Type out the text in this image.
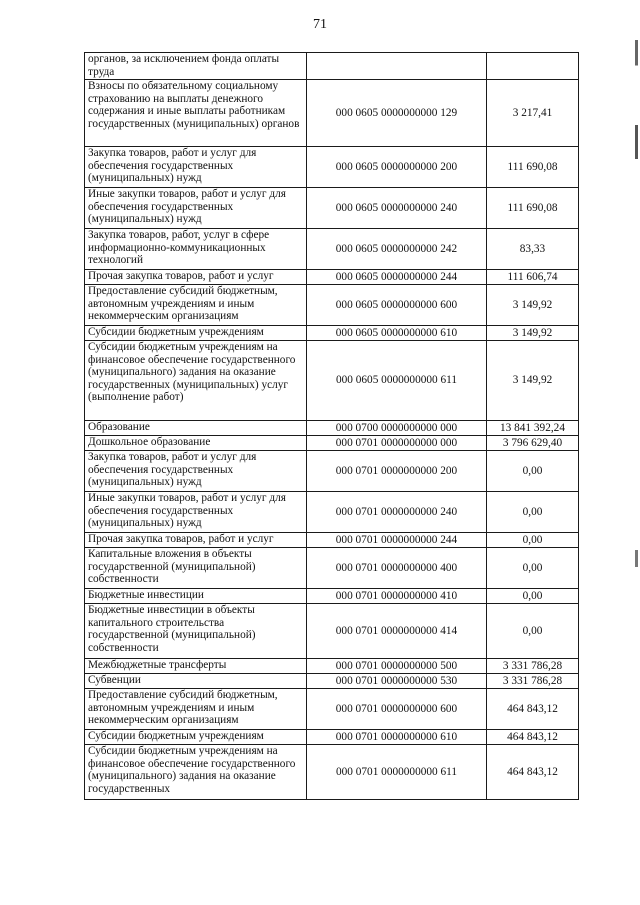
71
органов, за исключением фонда оплаты труда		
Взносы по обязательному социальному страхованию на выплаты денежного содержания и иные выплаты работникам государственных (муниципальных) органов	000 0605 0000000000 129	3 217,41
Закупка товаров, работ и услуг для обеспечения государственных (муниципальных) нужд	000 0605 0000000000 200	111 690,08
Иные закупки товаров, работ и услуг для обеспечения государственных (муниципальных) нужд	000 0605 0000000000 240	111 690,08
Закупка товаров, работ, услуг в сфере информационно-коммуникационных технологий	000 0605 0000000000 242	83,33
Прочая закупка товаров, работ и услуг	000 0605 0000000000 244	111 606,74
Предоставление субсидий бюджетным, автономным учреждениям и иным некоммерческим организациям	000 0605 0000000000 600	3 149,92
Субсидии бюджетным учреждениям	000 0605 0000000000 610	3 149,92
Субсидии бюджетным учреждениям на финансовое обеспечение государственного (муниципального) задания на оказание государственных (муниципальных) услуг (выполнение работ)	000 0605 0000000000 611	3 149,92
Образование	000 0700 0000000000 000	13 841 392,24
Дошкольное образование	000 0701 0000000000 000	3 796 629,40
Закупка товаров, работ и услуг для обеспечения государственных (муниципальных) нужд	000 0701 0000000000 200	0,00
Иные закупки товаров, работ и услуг для обеспечения государственных (муниципальных) нужд	000 0701 0000000000 240	0,00
Прочая закупка товаров, работ и услуг	000 0701 0000000000 244	0,00
Капитальные вложения в объекты государственной (муниципальной) собственности	000 0701 0000000000 400	0,00
Бюджетные инвестиции	000 0701 0000000000 410	0,00
Бюджетные инвестиции в объекты капитального строительства государственной (муниципальной) собственности	000 0701 0000000000 414	0,00
Межбюджетные трансферты	000 0701 0000000000 500	3 331 786,28
Субвенции	000 0701 0000000000 530	3 331 786,28
Предоставление субсидий бюджетным, автономным учреждениям и иным некоммерческим организациям	000 0701 0000000000 600	464 843,12
Субсидии бюджетным учреждениям	000 0701 0000000000 610	464 843,12
Субсидии бюджетным учреждениям на финансовое обеспечение государственного (муниципального) задания на оказание государственных	000 0701 0000000000 611	464 843,12
